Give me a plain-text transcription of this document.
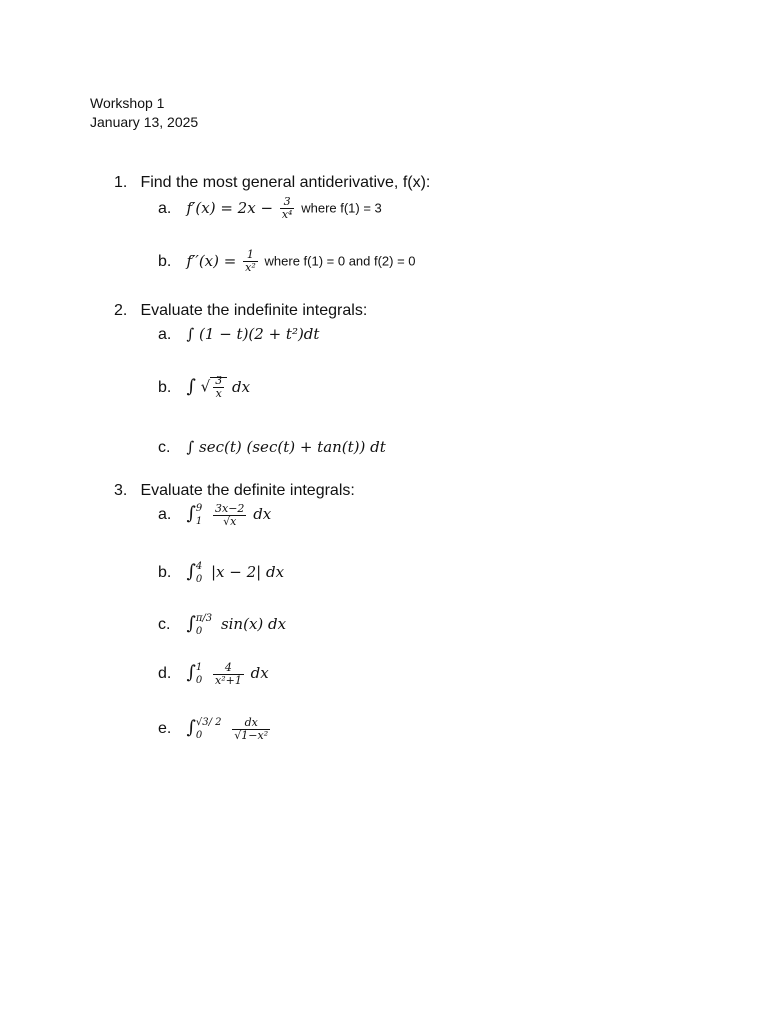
Workshop 1
January 13, 2025
1. Find the most general antiderivative, f(x):
a. $f'(x) = 2x - \frac{3}{\text{x⁴}}$ where f(1) = 3
b. $f''(x) = \frac{1}{\text{x²}}$ where f(1) = 0 and f(2) = 0
2. Evaluate the indefinite integrals:
a. ∫ (1 − t)(2 + t²)dt
b. ∫ √ $\frac{3}{x}$ dx
c. ∫ sec(t) (sec(t) + tan(t)) dt
3. Evaluate the definite integrals:
a. ∫ 9
1
$\frac{3x-2}{√x}$ dx
b. ∫ 4
0 |x − 2| dx
c. ∫ π/3
0	sin(x) dx
d. ∫ 1
0
$\frac{4}{\text{x²+1}}$ dx
e. ∫ √3/ 2
0
	$\frac{dx}{\text{√1−x²}}$
